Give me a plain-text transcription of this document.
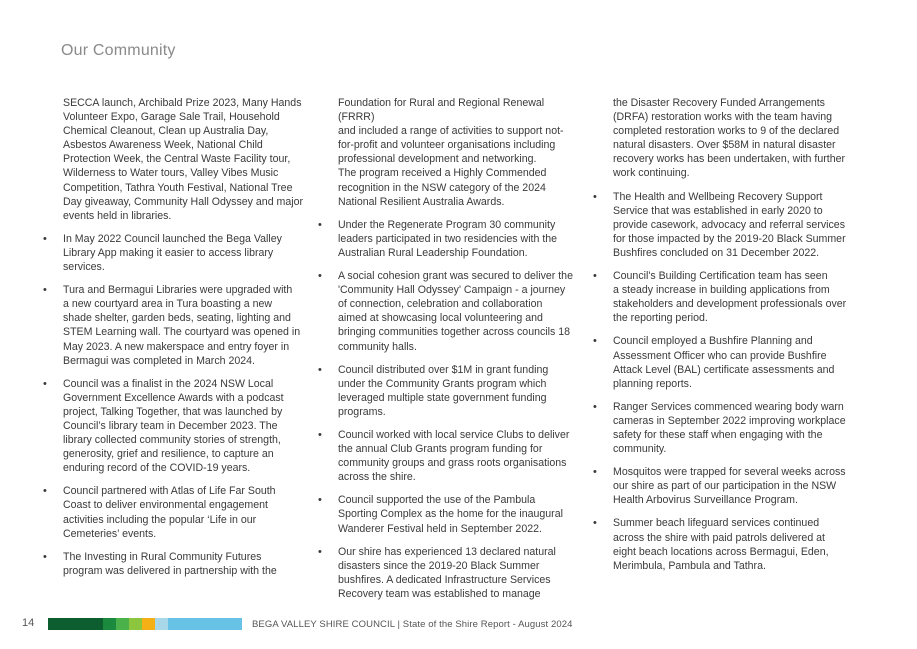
Our Community

SECCA launch, Archibald Prize 2023, Many Hands
Volunteer Expo, Garage Sale Trail, Household
Chemical Cleanout, Clean up Australia Day,
Asbestos Awareness Week, National Child
Protection Week, the Central Waste Facility tour,
Wilderness to Water tours, Valley Vibes Music
Competition, Tathra Youth Festival, National Tree
Day giveaway, Community Hall Odyssey and major
events held in libraries.

• In May 2022 Council launched the Bega Valley
Library App making it easier to access library
services.

• Tura and Bermagui Libraries were upgraded with
a new courtyard area in Tura boasting a new
shade shelter, garden beds, seating, lighting and
STEM Learning wall. The courtyard was opened in
May 2023. A new makerspace and entry foyer in
Bermagui was completed in March 2024.

• Council was a finalist in the 2024 NSW Local
Government Excellence Awards with a podcast
project, Talking Together, that was launched by
Council’s library team in December 2023. The
library collected community stories of strength,
generosity, grief and resilience, to capture an
enduring record of the COVID-19 years.

• Council partnered with Atlas of Life Far South
Coast to deliver environmental engagement
activities including the popular ‘Life in our
Cemeteries’ events.

• The Investing in Rural Community Futures
program was delivered in partnership with the

Foundation for Rural and Regional Renewal (FRRR)
and included a range of activities to support not-
for-profit and volunteer organisations including
professional development and networking.
The program received a Highly Commended
recognition in the NSW category of the 2024
National Resilient Australia Awards.

• Under the Regenerate Program 30 community
leaders participated in two residencies with the
Australian Rural Leadership Foundation.

• A social cohesion grant was secured to deliver the
'Community Hall Odyssey' Campaign - a journey
of connection, celebration and collaboration
aimed at showcasing local volunteering and
bringing communities together across councils 18
community halls.

• Council distributed over $1M in grant funding
under the Community Grants program which
leveraged multiple state government funding
programs.

• Council worked with local service Clubs to deliver
the annual Club Grants program funding for
community groups and grass roots organisations
across the shire.

• Council supported the use of the Pambula
Sporting Complex as the home for the inaugural
Wanderer Festival held in September 2022.

• Our shire has experienced 13 declared natural
disasters since the 2019-20 Black Summer
bushfires. A dedicated Infrastructure Services
Recovery team was established to manage

the Disaster Recovery Funded Arrangements
(DRFA) restoration works with the team having
completed restoration works to 9 of the declared
natural disasters. Over $58M in natural disaster
recovery works has been undertaken, with further
work continuing.

• The Health and Wellbeing Recovery Support
Service that was established in early 2020 to
provide casework, advocacy and referral services
for those impacted by the 2019-20 Black Summer
Bushfires concluded on 31 December 2022.

• Council's Building Certification team has seen
a steady increase in building applications from
stakeholders and development professionals over
the reporting period.

• Council employed a Bushfire Planning and
Assessment Officer who can provide Bushfire
Attack Level (BAL) certificate assessments and
planning reports.

• Ranger Services commenced wearing body warn
cameras in September 2022 improving workplace
safety for these staff when engaging with the
community.

• Mosquitos were trapped for several weeks across
our shire as part of our participation in the NSW
Health Arbovirus Surveillance Program.

• Summer beach lifeguard services continued
across the shire with paid patrols delivered at
eight beach locations across Bermagui, Eden,
Merimbula, Pambula and Tathra.

14	BEGA VALLEY SHIRE COUNCIL | State of the Shire Report - August 2024
